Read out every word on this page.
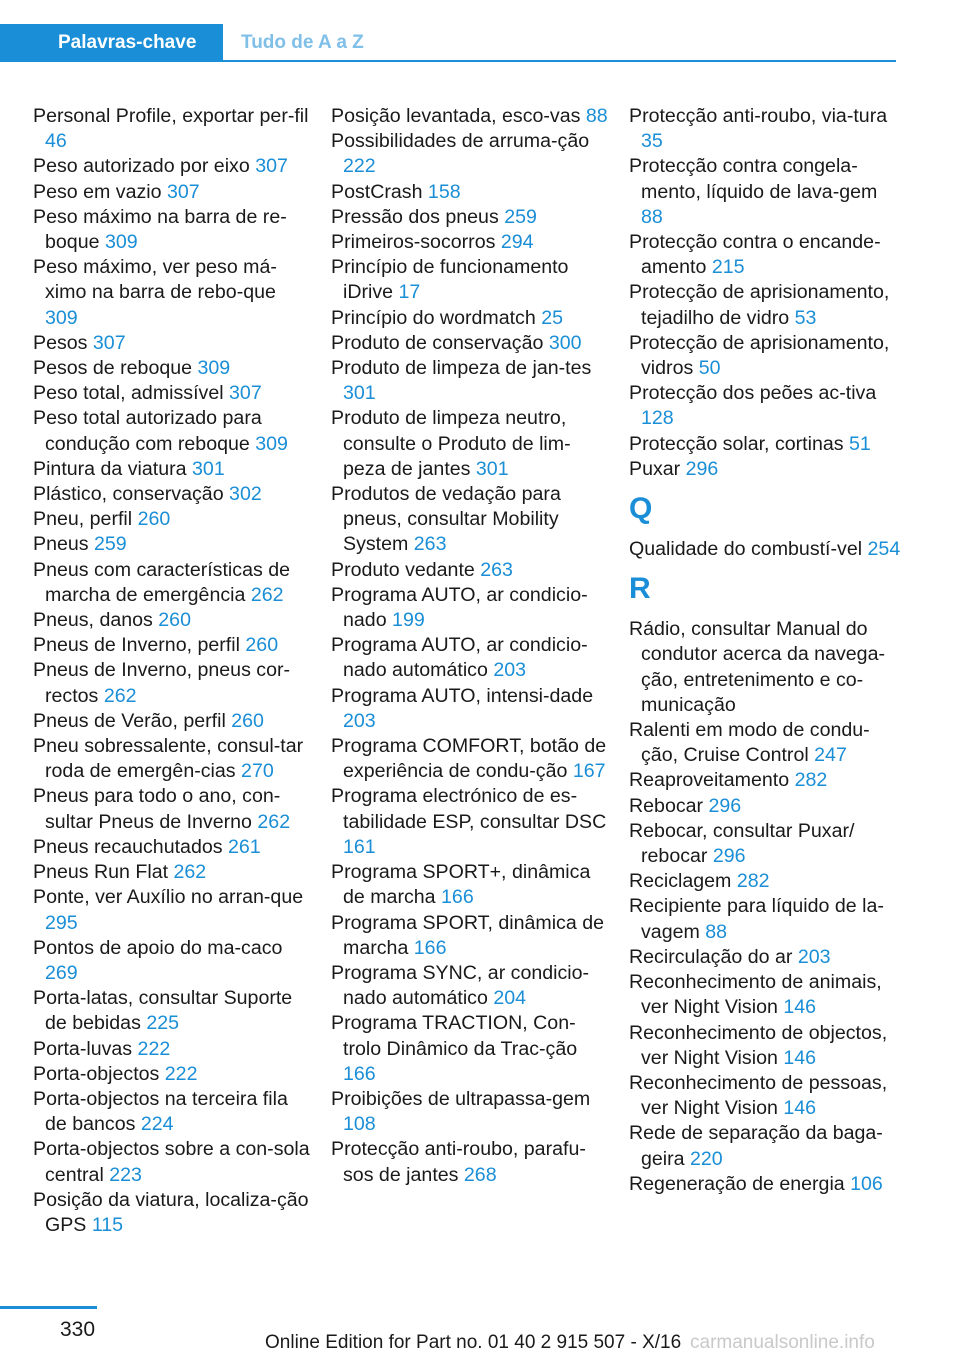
Palavras-chave	Tudo de A a Z

Personal Profile, exportar per-fil 46

Peso autorizado por eixo 307

Peso em vazio 307

Peso máximo na barra de re-boque 309

Peso máximo, ver peso má-ximo na barra de rebo-que 309

Pesos 307

Pesos de reboque 309

Peso total, admissível 307

Peso total autorizado para condução com reboque 309

Pintura da viatura 301

Plástico, conservação 302

Pneu, perfil 260

Pneus 259

Pneus com características de marcha de emergência 262

Pneus, danos 260

Pneus de Inverno, perfil 260

Pneus de Inverno, pneus cor-rectos 262

Pneus de Verão, perfil 260

Pneu sobressalente, consul-tar roda de emergên-cias 270

Pneus para todo o ano, con-sultar Pneus de Inverno 262

Pneus recauchutados 261

Pneus Run Flat 262

Ponte, ver Auxílio no arran-que 295

Pontos de apoio do ma-caco 269

Porta-latas, consultar Suporte de bebidas 225

Porta-luvas 222

Porta-objectos 222

Porta-objectos na terceira fila de bancos 224

Porta-objectos sobre a con-sola central 223

Posição da viatura, localiza-ção GPS 115

Posição levantada, esco-vas 88

Possibilidades de arruma-ção 222

PostCrash 158

Pressão dos pneus 259

Primeiros-socorros 294

Princípio de funcionamento iDrive 17

Princípio do wordmatch 25

Produto de conservação 300

Produto de limpeza de jan-tes 301

Produto de limpeza neutro, consulte o Produto de lim-peza de jantes 301

Produtos de vedação para pneus, consultar Mobility System 263

Produto vedante 263

Programa AUTO, ar condicio-nado 199

Programa AUTO, ar condicio-nado automático 203

Programa AUTO, intensi-dade 203

Programa COMFORT, botão de experiência de condu-ção 167

Programa electrónico de es-tabilidade ESP, consultar DSC 161

Programa SPORT+, dinâmica de marcha 166

Programa SPORT, dinâmica de marcha 166

Programa SYNC, ar condicio-nado automático 204

Programa TRACTION, Con-trolo Dinâmico da Trac-ção 166

Proibições de ultrapassa-gem 108

Protecção anti-roubo, parafu-sos de jantes 268

Protecção anti-roubo, via-tura 35

Protecção contra congela-mento, líquido de lava-gem 88

Protecção contra o encande-amento 215

Protecção de aprisionamento, tejadilho de vidro 53

Protecção de aprisionamento, vidros 50

Protecção dos peões ac-tiva 128

Protecção solar, cortinas 51

Puxar 296

Q

Qualidade do combustí-vel 254

R

Rádio, consultar Manual do condutor acerca da navega-ção, entretenimento e co-municação

Ralenti em modo de condu-ção, Cruise Control 247

Reaproveitamento 282

Rebocar 296

Rebocar, consultar Puxar/ rebocar 296

Reciclagem 282

Recipiente para líquido de la-vagem 88

Recirculação do ar 203

Reconhecimento de animais, ver Night Vision 146

Reconhecimento de objectos, ver Night Vision 146

Reconhecimento de pessoas, ver Night Vision 146

Rede de separação da baga-geira 220

Regeneração de energia 106

330
Online Edition for Part no. 01 40 2 915 507 - X/16 carmanualsonline.info
